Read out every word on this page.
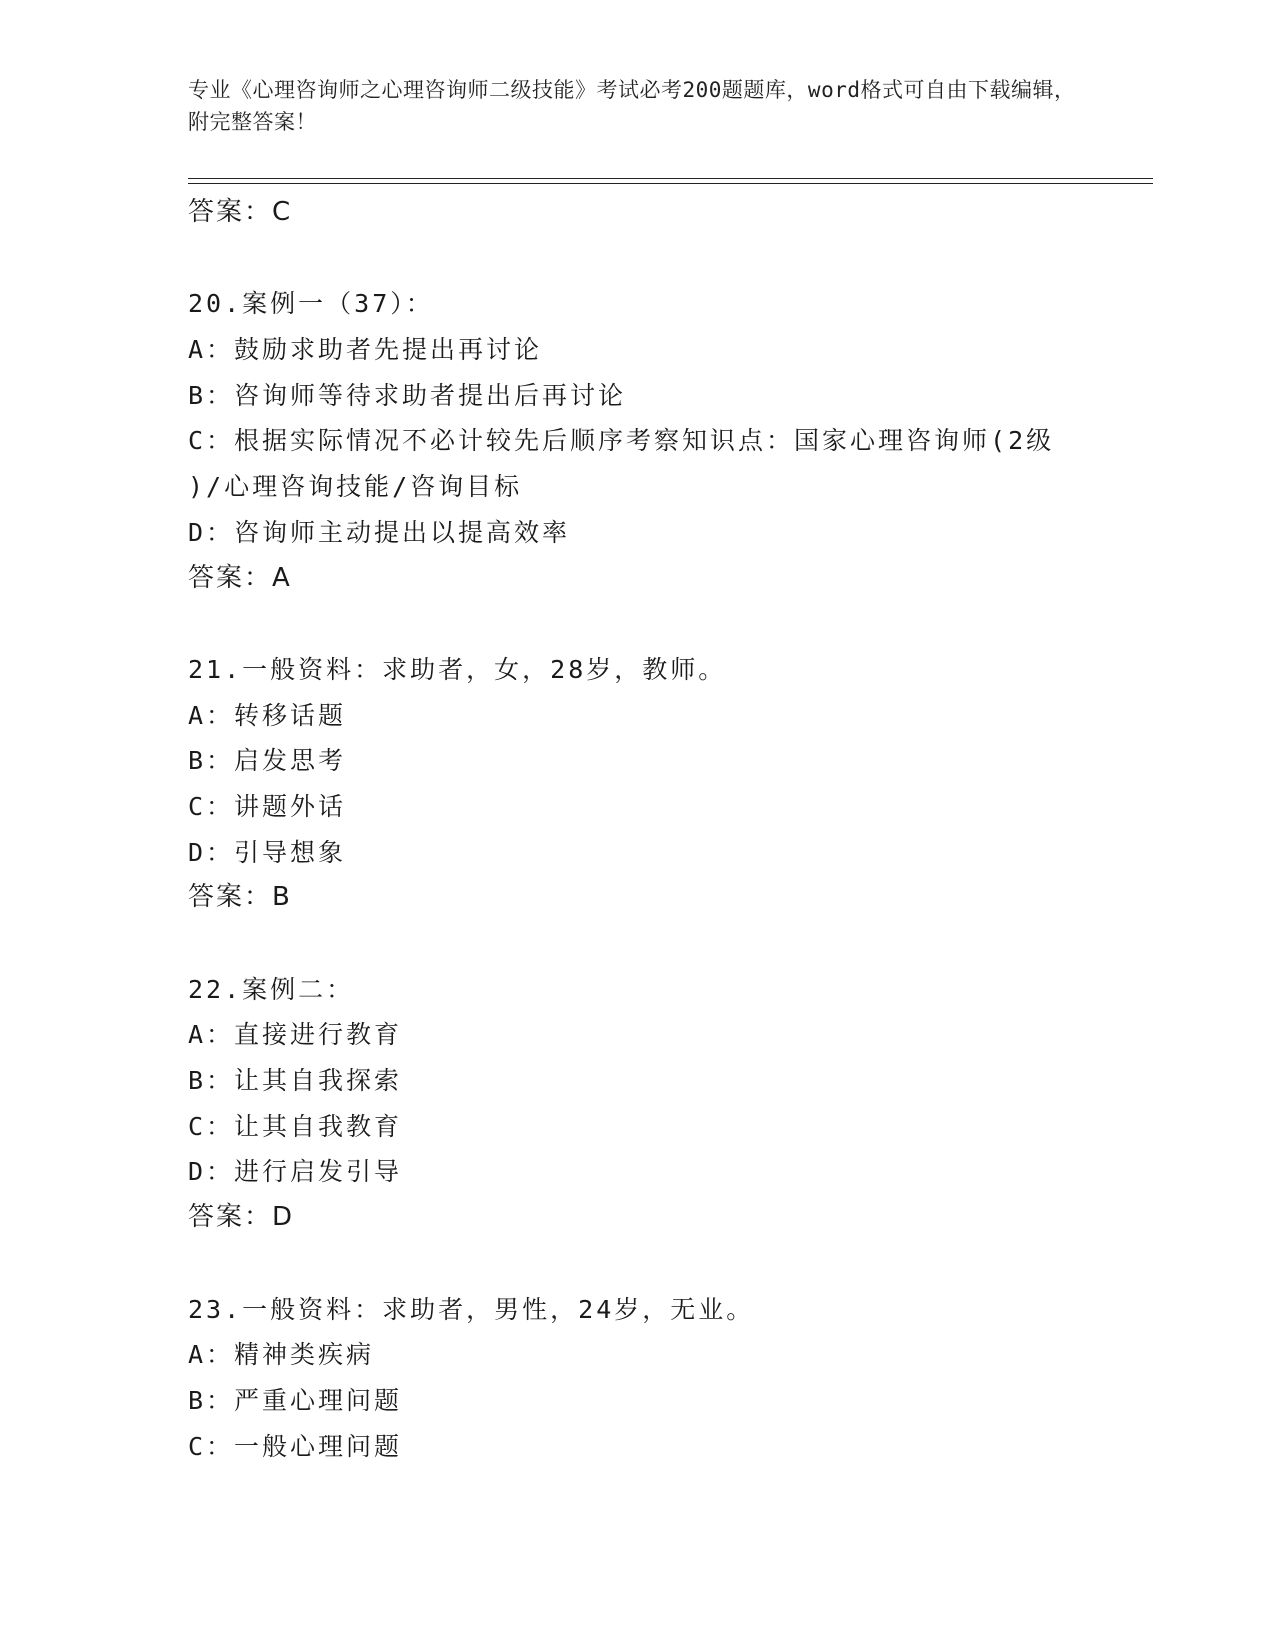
专业《心理咨询师之心理咨询师二级技能》考试必考200题题库，word格式可自由下载编辑，附完整答案！
答案：C
20.案例一（37）：
A：鼓励求助者先提出再讨论
B：咨询师等待求助者提出后再讨论
C：根据实际情况不必计较先后顺序考察知识点：国家心理咨询师(2级
)/心理咨询技能/咨询目标
D：咨询师主动提出以提高效率
答案：A
21.一般资料：求助者，女，28岁，教师。
A：转移话题
B：启发思考
C：讲题外话
D：引导想象
答案：B
22.案例二：
A：直接进行教育
B：让其自我探索
C：让其自我教育
D：进行启发引导
答案：D
23.一般资料：求助者，男性，24岁，无业。
A：精神类疾病
B：严重心理问题
C：一般心理问题
